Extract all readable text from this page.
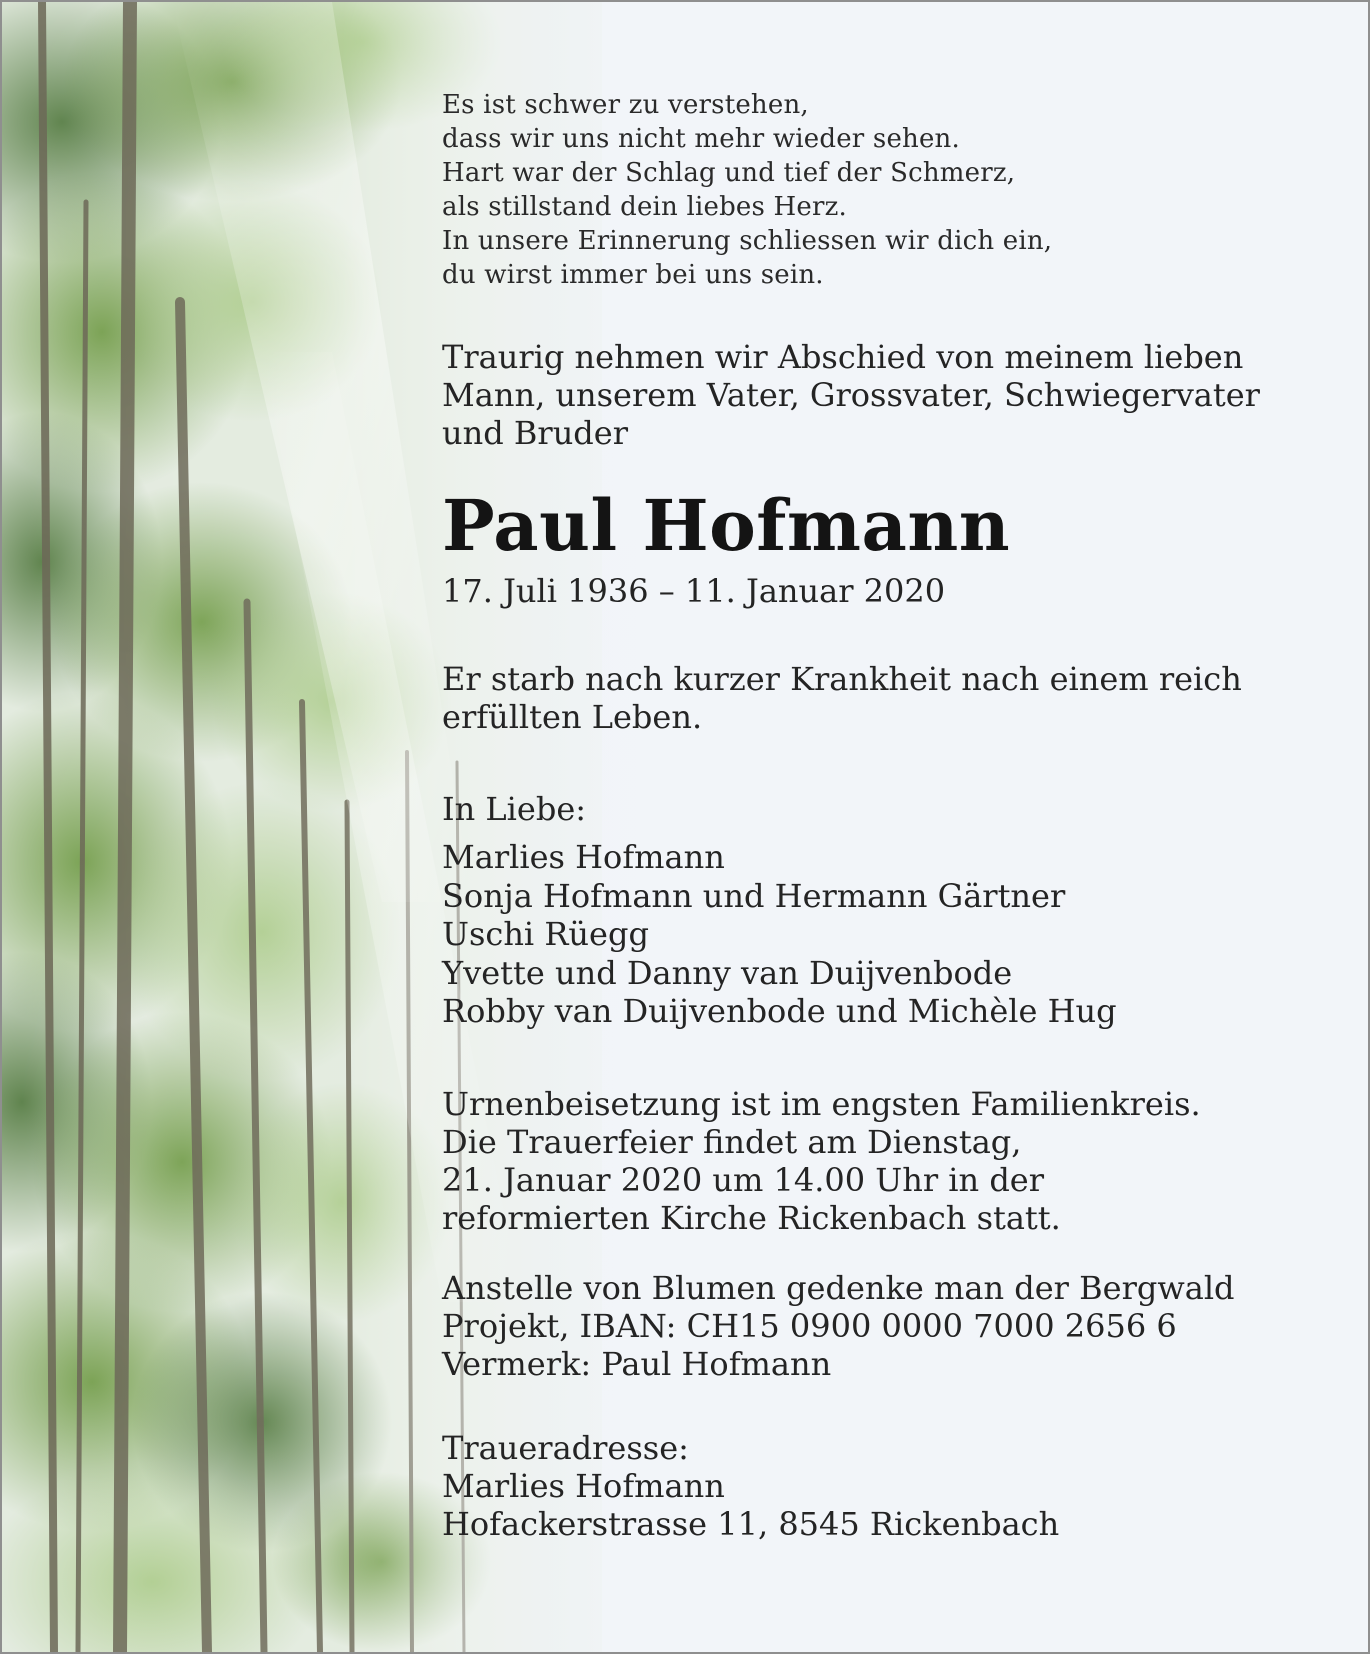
Es ist schwer zu verstehen,
dass wir uns nicht mehr wieder sehen.
Hart war der Schlag und tief der Schmerz,
als stillstand dein liebes Herz.
In unsere Erinnerung schliessen wir dich ein,
du wirst immer bei uns sein.
Traurig nehmen wir Abschied von meinem lieben
Mann, unserem Vater, Grossvater, Schwiegervater
und Bruder
Paul Hofmann
17. Juli 1936 – 11. Januar 2020
Er starb nach kurzer Krankheit nach einem reich
erfüllten Leben.
In Liebe:
Marlies Hofmann
Sonja Hofmann und Hermann Gärtner
Uschi Rüegg
Yvette und Danny van Duijvenbode
Robby van Duijvenbode und Michèle Hug
Urnenbeisetzung ist im engsten Familienkreis.
Die Trauerfeier findet am Dienstag,
21. Januar 2020 um 14.00 Uhr in der
reformierten Kirche Rickenbach statt.
Anstelle von Blumen gedenke man der Bergwald
Projekt, IBAN: CH15 0900 0000 7000 2656 6
Vermerk: Paul Hofmann
Traueradresse:
Marlies Hofmann
Hofackerstrasse 11, 8545 Rickenbach
